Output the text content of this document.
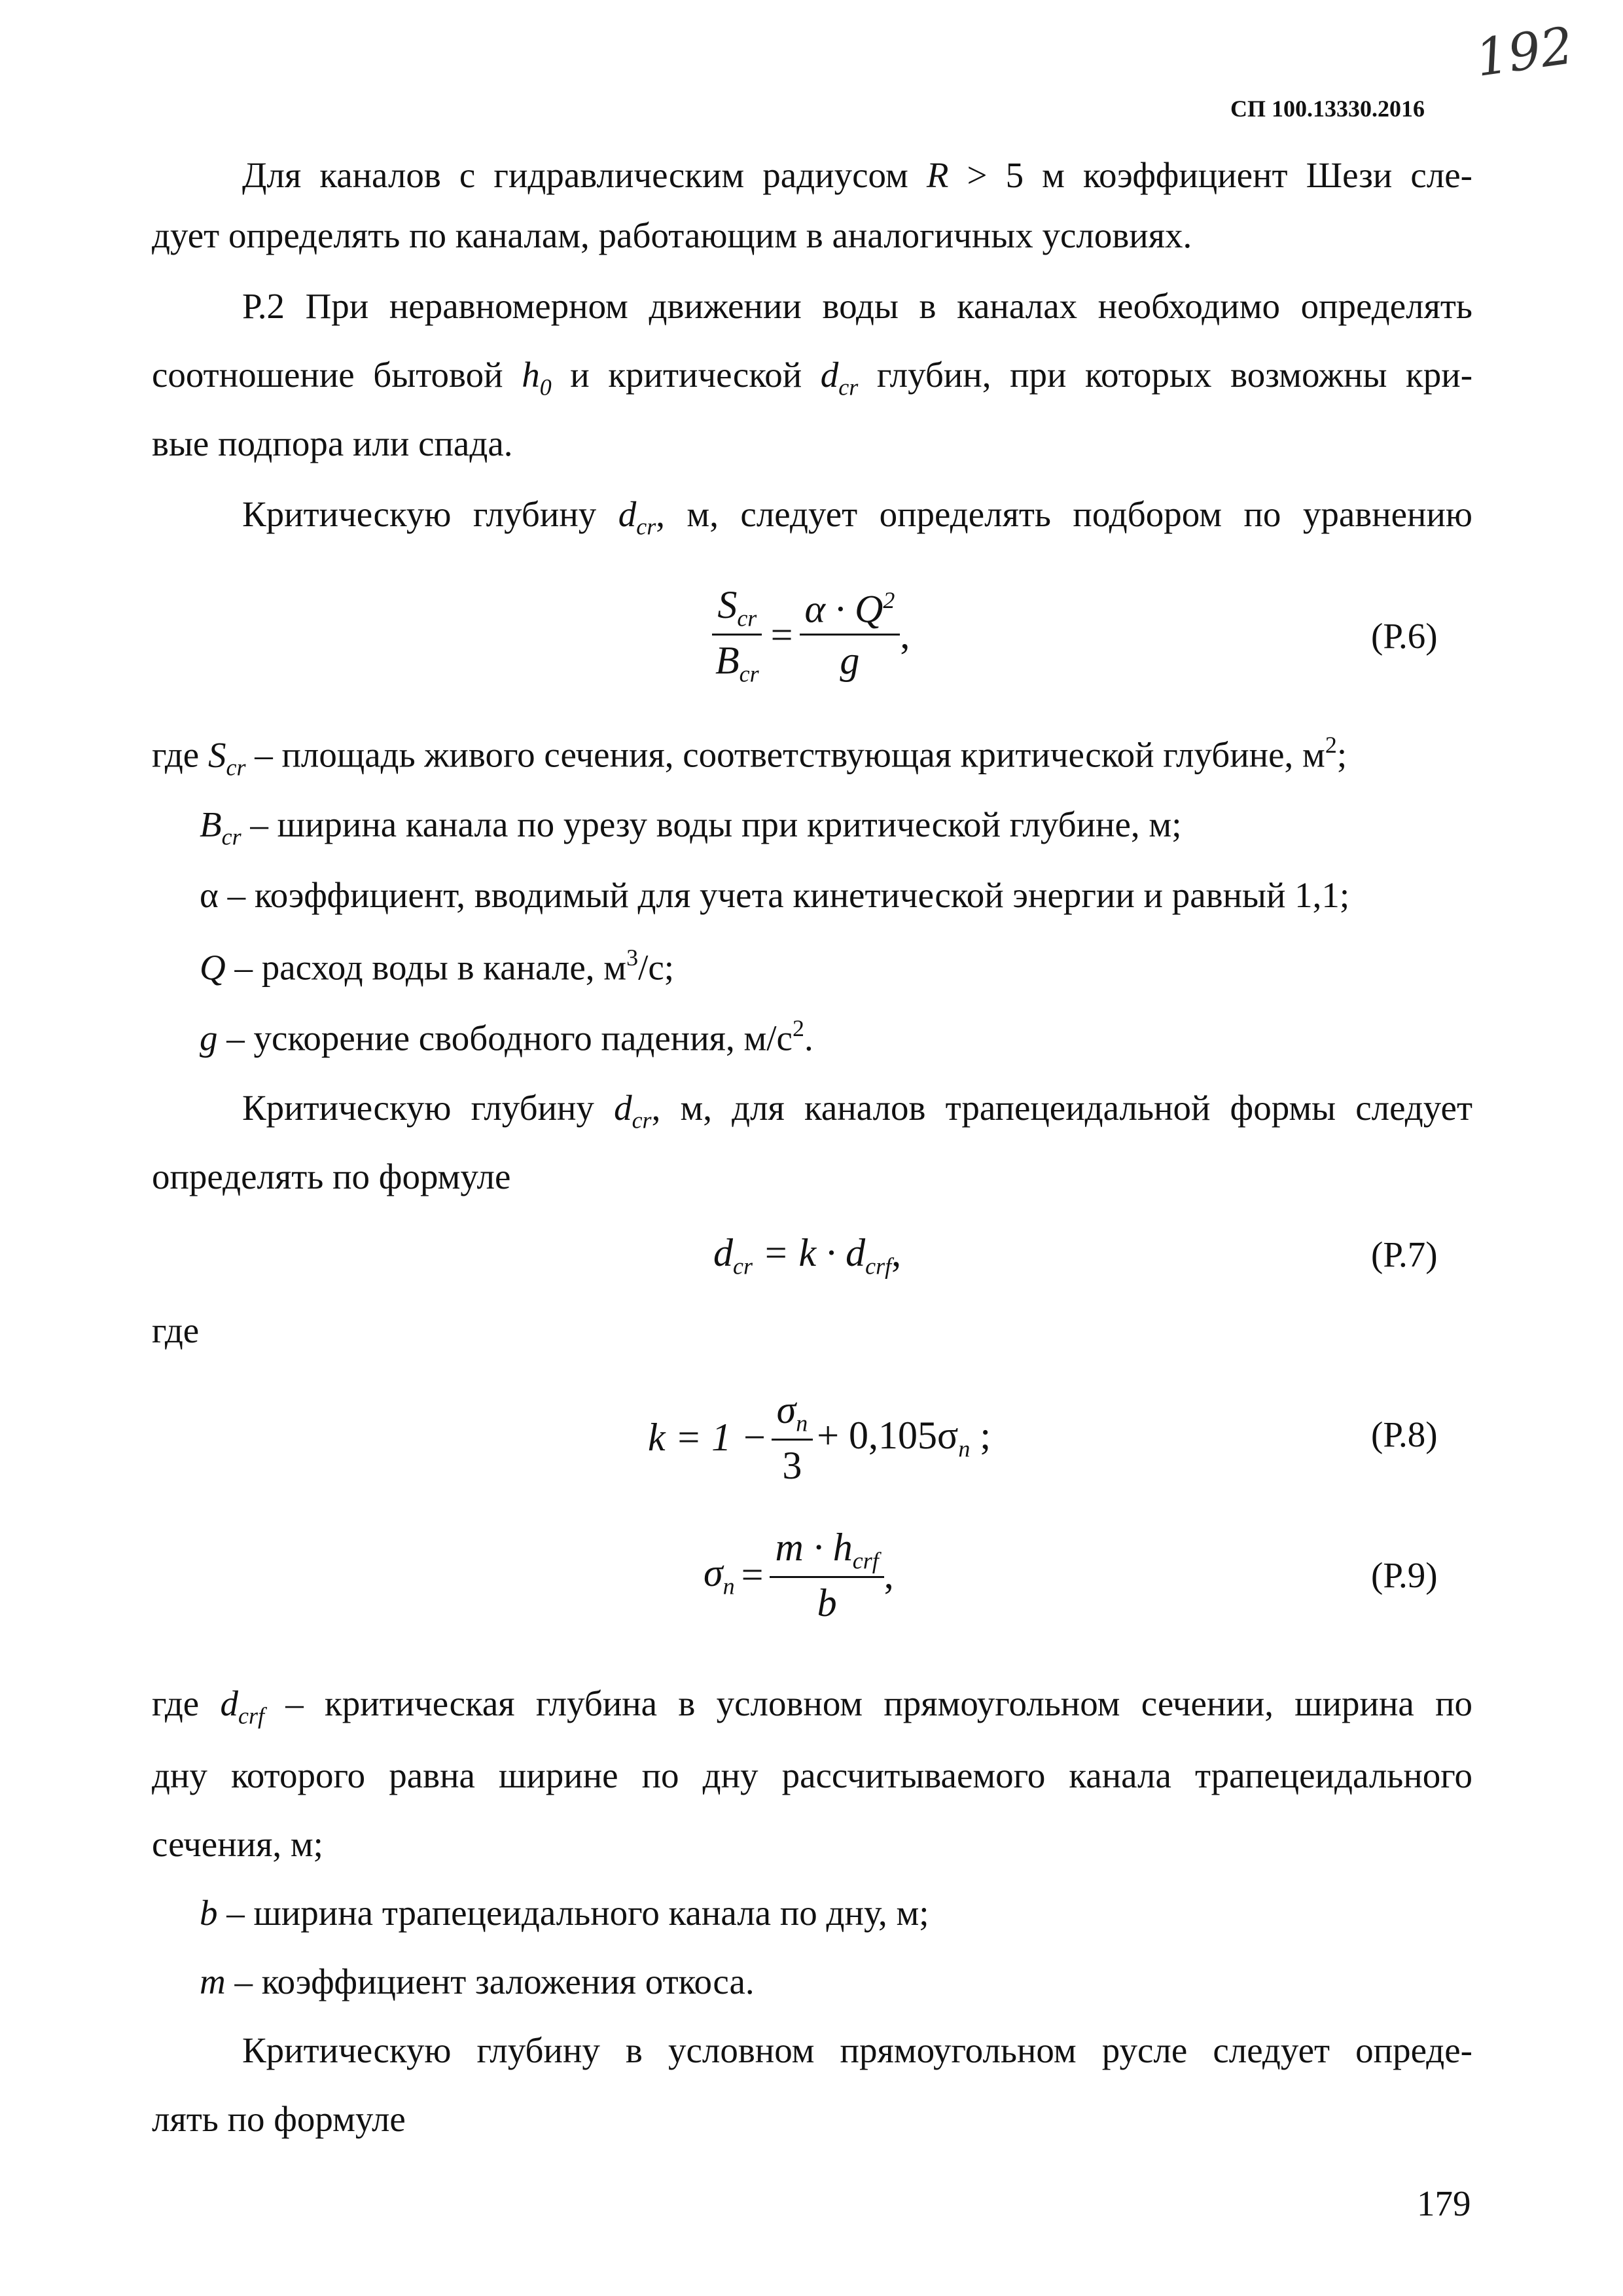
192
СП 100.13330.2016
Для каналов с гидравлическим радиусом R > 5 м коэффициент Шези сле-
дует определять по каналам, работающим в аналогичных условиях.
Р.2 При неравномерном движении воды в каналах необходимо определять
соотношение бытовой $h_0$ и критической $d_{cr}$ глубин, при которых возможны кри-
вые подпора или спада.
Критическую глубину $d_{cr}$, м, следует определять подбором по уравнению
$\frac{S_{cr}}{B_{cr}} = \frac{\alpha \cdot Q^2}{g}$ ,	(Р.6)
где $S_{cr}$ – площадь живого сечения, соответствующая критической глубине, $м^2$;
$B_{cr}$ – ширина канала по урезу воды при критической глубине, м;
α – коэффициент, вводимый для учета кинетической энергии и равный 1,1;
Q – расход воды в канале, $м^3/с$;
g – ускорение свободного падения, $м/с^2$.
Критическую глубину $d_{cr}$, м, для каналов трапецеидальной формы следует
определять по формуле
$d_{cr} = k \cdot d_{crf}$,	(Р.7)
где
$k = 1 - \frac{\sigma_n}{3} + 0,105\sigma_n$ ;	(Р.8)
$\sigma_n = \frac{m \cdot h_{crf}}{b}$ ,	(Р.9)
где $d_{crf}$ – критическая глубина в условном прямоугольном сечении, ширина по
дну которого равна ширине по дну рассчитываемого канала трапецеидального
сечения, м;
b – ширина трапецеидального канала по дну, м;
m – коэффициент заложения откоса.
Критическую глубину в условном прямоугольном русле следует опреде-
лять по формуле
179
